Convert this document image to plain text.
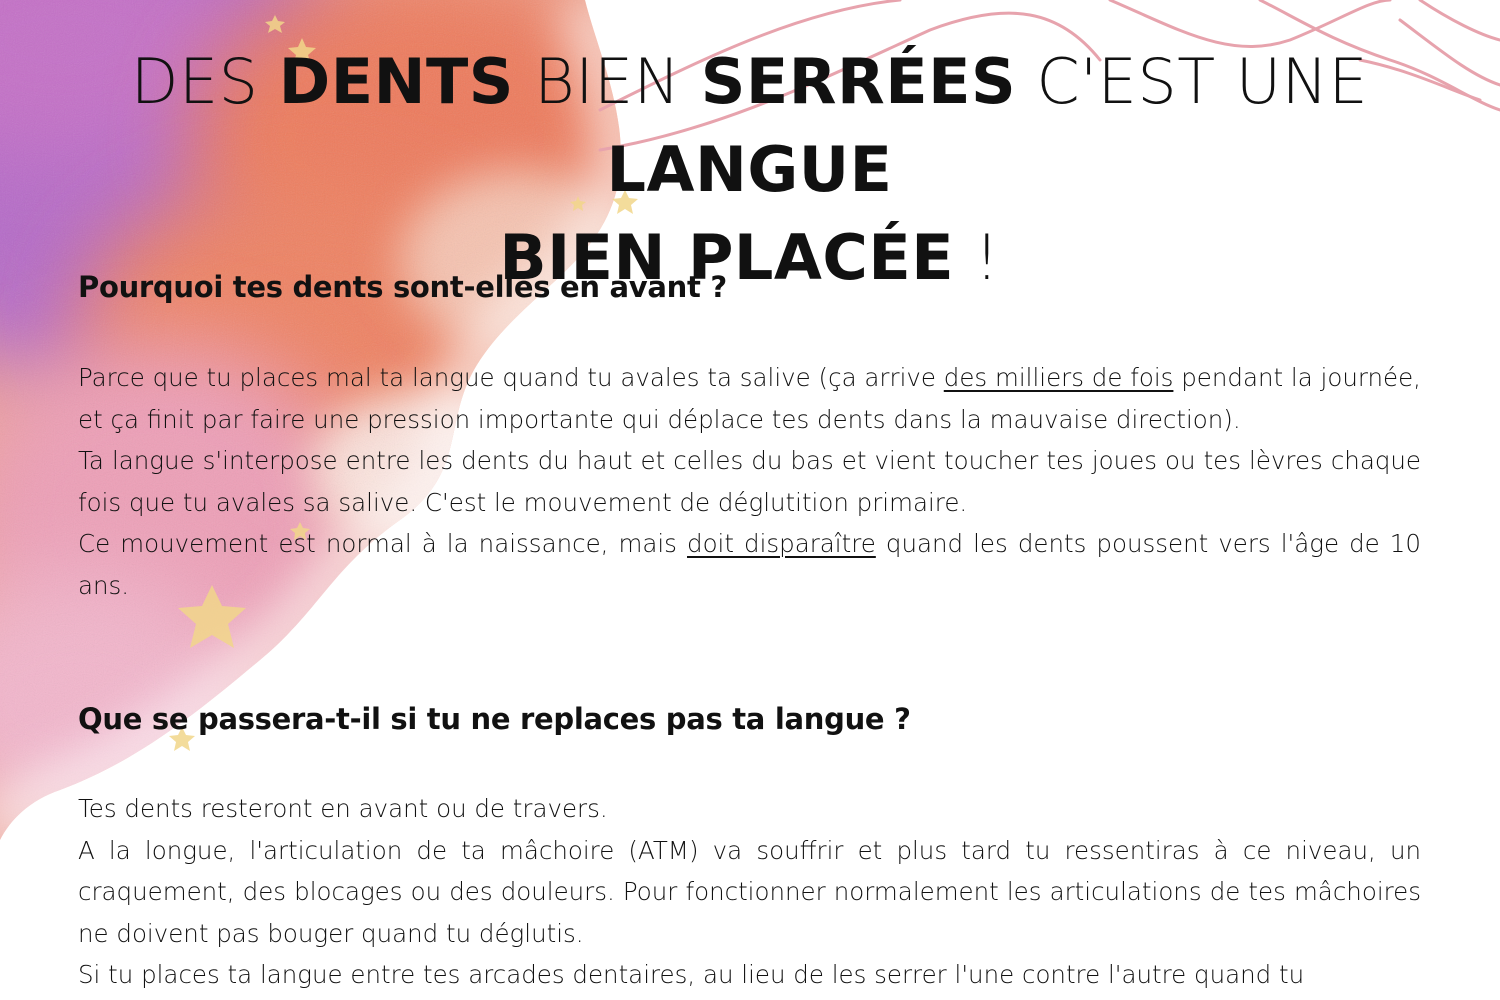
DES DENTS BIEN SERRÉES C'EST UNE LANGUE
BIEN PLACÉE !
Pourquoi tes dents sont-elles en avant ?

Parce que tu places mal ta langue quand tu avales ta salive (ça arrive des milliers de fois pendant la journée, et ça finit par faire une pression importante qui déplace tes dents dans la mauvaise direction).

Ta langue s'interpose entre les dents du haut et celles du bas et vient toucher tes joues ou tes lèvres chaque fois que tu avales sa salive. C'est le mouvement de déglutition primaire.

Ce mouvement est normal à la naissance, mais doit disparaître quand les dents poussent vers l'âge de 10 ans.

Que se passera-t-il si tu ne replaces pas ta langue ?

Tes dents resteront en avant ou de travers.

A la longue, l'articulation de ta mâchoire (ATM) va souffrir et plus tard tu ressentiras à ce niveau, un craquement, des blocages ou des douleurs. Pour fonctionner normalement les articulations de tes mâchoires ne doivent pas bouger quand tu déglutis.

Si tu places ta langue entre tes arcades dentaires, au lieu de les serrer l'une contre l'autre quand tu
